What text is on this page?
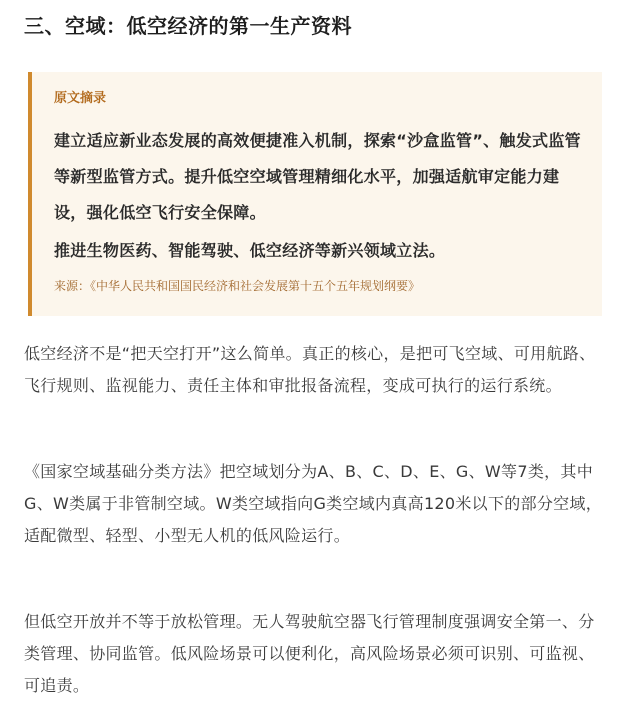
三、空域：低空经济的第一生产资料
原文摘录

建立适应新业态发展的高效便捷准入机制，探索“沙盒监管”、触发式监管等新型监管方式。提升低空空域管理精细化水平，加强适航审定能力建设，强化低空飞行安全保障。

推进生物医药、智能驾驶、低空经济等新兴领域立法。

来源：《中华人民共和国国民经济和社会发展第十五个五年规划纲要》

低空经济不是“把天空打开”这么简单。真正的核心，是把可飞空域、可用航路、飞行规则、监视能力、责任主体和审批报备流程，变成可执行的运行系统。

《国家空域基础分类方法》把空域划分为A、B、C、D、E、G、W等7类，其中G、W类属于非管制空域。W类空域指向G类空域内真高120米以下的部分空域，适配微型、轻型、小型无人机的低风险运行。

但低空开放并不等于放松管理。无人驾驶航空器飞行管理制度强调安全第一、分类管理、协同监管。低风险场景可以便利化，高风险场景必须可识别、可监视、可追责。
